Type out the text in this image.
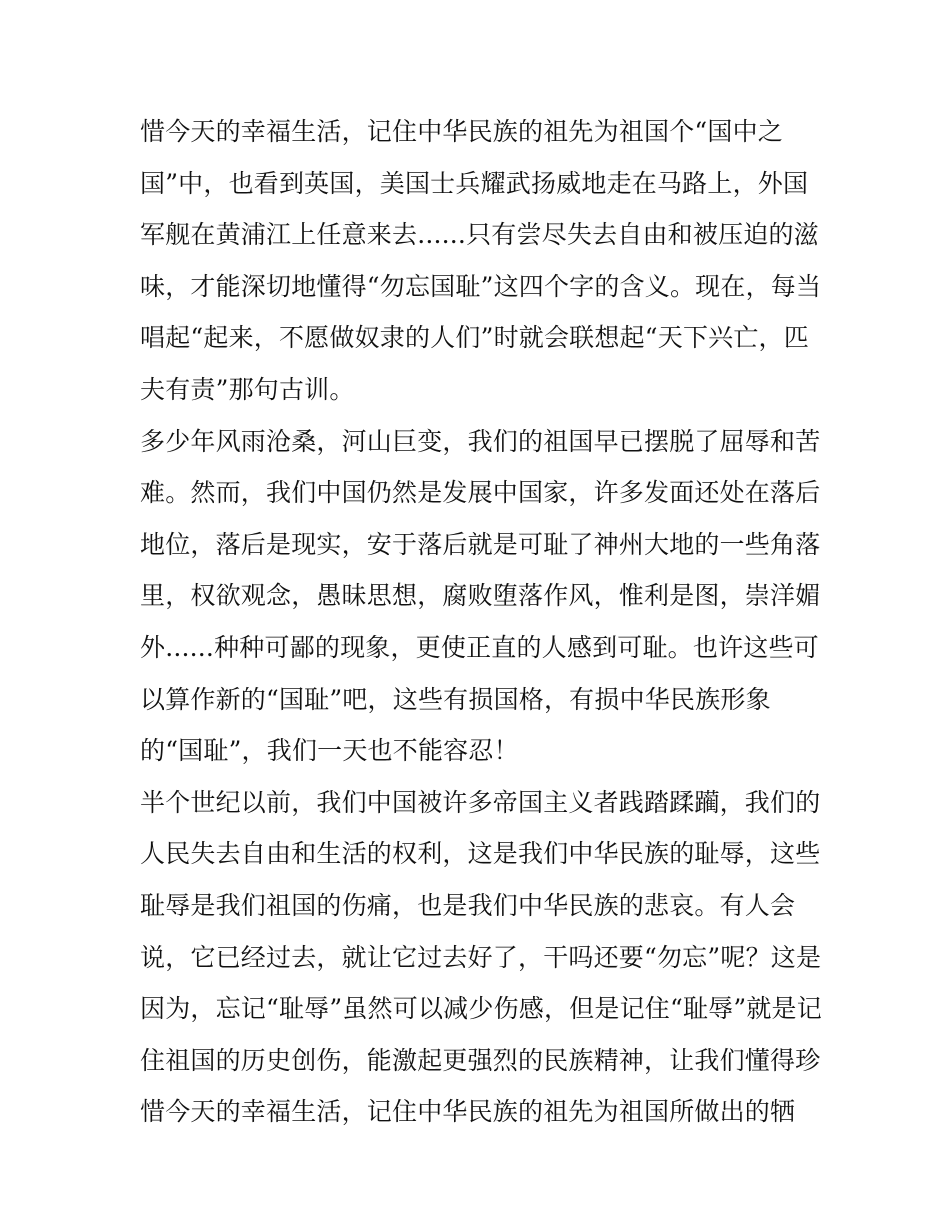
惜今天的幸福生活，记住中华民族的祖先为祖国个“国中之
国”中，也看到英国，美国士兵耀武扬威地走在马路上，外国
军舰在黄浦江上任意来去......只有尝尽失去自由和被压迫的滋
味，才能深切地懂得“勿忘国耻”这四个字的含义。现在，每当
唱起“起来，不愿做奴隶的人们”时就会联想起“天下兴亡，匹
夫有责”那句古训。
多少年风雨沧桑，河山巨变，我们的祖国早已摆脱了屈辱和苦
难。然而，我们中国仍然是发展中国家，许多发面还处在落后
地位，落后是现实，安于落后就是可耻了神州大地的一些角落
里，权欲观念，愚昧思想，腐败堕落作风，惟利是图，崇洋媚
外......种种可鄙的现象，更使正直的人感到可耻。也许这些可
以算作新的“国耻”吧，这些有损国格，有损中华民族形象
的“国耻”，我们一天也不能容忍！
半个世纪以前，我们中国被许多帝国主义者践踏蹂躏，我们的
人民失去自由和生活的权利，这是我们中华民族的耻辱，这些
耻辱是我们祖国的伤痛，也是我们中华民族的悲哀。有人会
说，它已经过去，就让它过去好了，干吗还要“勿忘”呢？这是
因为，忘记“耻辱”虽然可以减少伤感，但是记住“耻辱”就是记
住祖国的历史创伤，能激起更强烈的民族精神，让我们懂得珍
惜今天的幸福生活，记住中华民族的祖先为祖国所做出的牺
